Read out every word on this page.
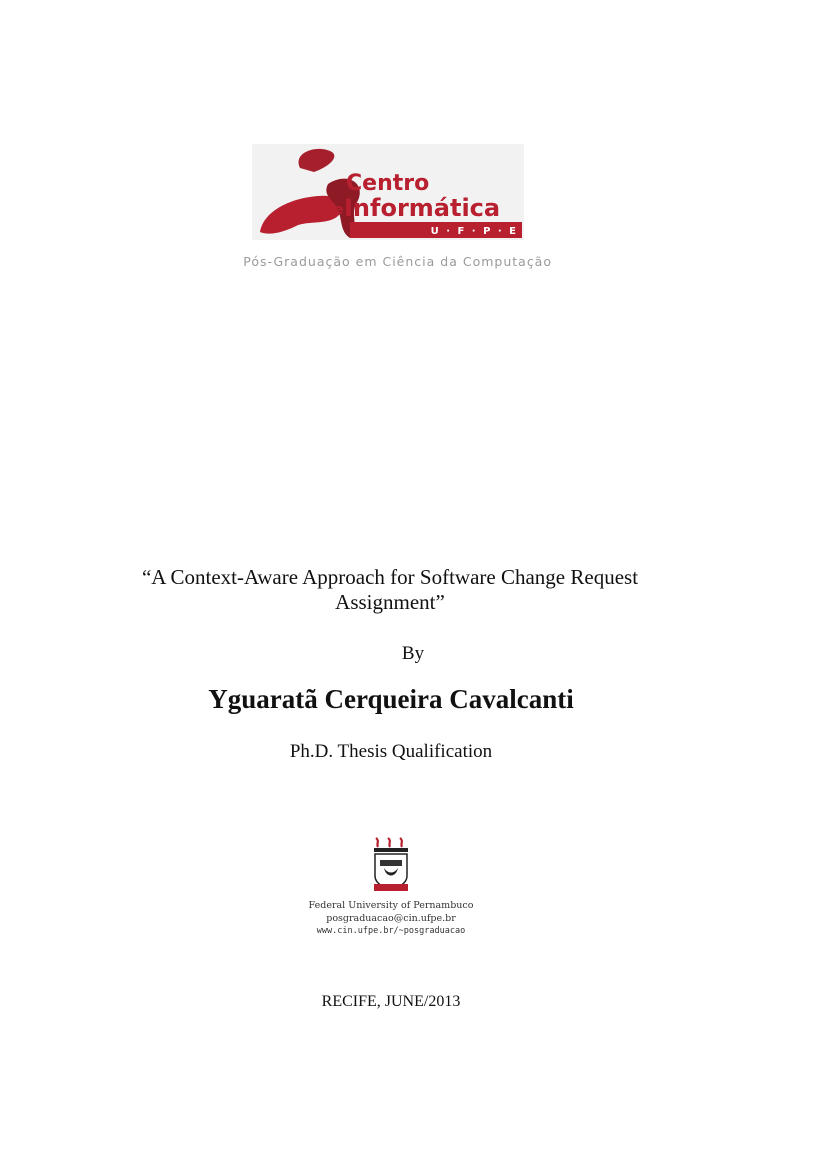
Centro
de Informática
U · F · P · E
Pós-Graduação em Ciência da Computação
“A Context-Aware Approach for Software Change Request Assignment”
By
Yguaratã Cerqueira Cavalcanti
Ph.D. Thesis Qualification
Federal University of Pernambuco
posgraduacao@cin.ufpe.br
www.cin.ufpe.br/~posgraduacao
RECIFE, JUNE/2013
